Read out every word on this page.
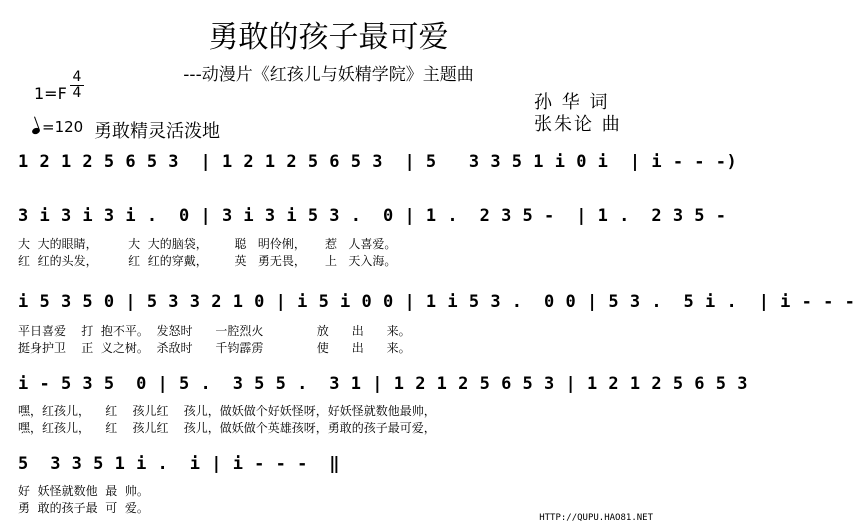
勇敢的孩子最可爱
---动漫片《红孩儿与妖精学院》主题曲
1=F
4
4
=120 勇敢精灵活泼地
孙 华 词
张朱论 曲
1 2 1 2 5 6 5 3  | 1 2 1 2 5 6 5 3  | 5   3 3 5 1 i 0 i  | i - - -)
3 i 3 i 3 i .  0 | 3 i 3 i 5 3 .  0 | 1 .  2 3 5 -  | 1 .  2 3 5 -
大  大的眼睛，        大  大的脑袋，       聪   明伶俐，     惹   人喜爱。
红  红的头发，        红  红的穿戴，       英   勇无畏，     上   天入海。
i 5 3 5 0 | 5 3 3 2 1 0 | i 5 i 0 0 | 1 i 5 3 .  0 0 | 5 3 .  5 i .  | i - - -
平日喜爱    打  抱不平。  发怒时      一腔烈火              放      出      来。
挺身护卫    正  义之树。  杀敌时      千钧霹雳              使      出      来。
i - 5 3 5  0 | 5 .  3 5 5 .  3 1 | 1 2 1 2 5 6 5 3 | 1 2 1 2 5 6 5 3
嘿，红孩儿，    红    孩儿红    孩儿，做妖做个好妖怪呀，好妖怪就数他最帅，
嘿，红孩儿，    红    孩儿红    孩儿，做妖做个英雄孩呀，勇敢的孩子最可爱，
5  3 3 5 1 i .  i | i - - -  ‖
好  妖怪就数他  最  帅。
勇  敢的孩子最  可  爱。
HTTP://QUPU.HAO81.NET
